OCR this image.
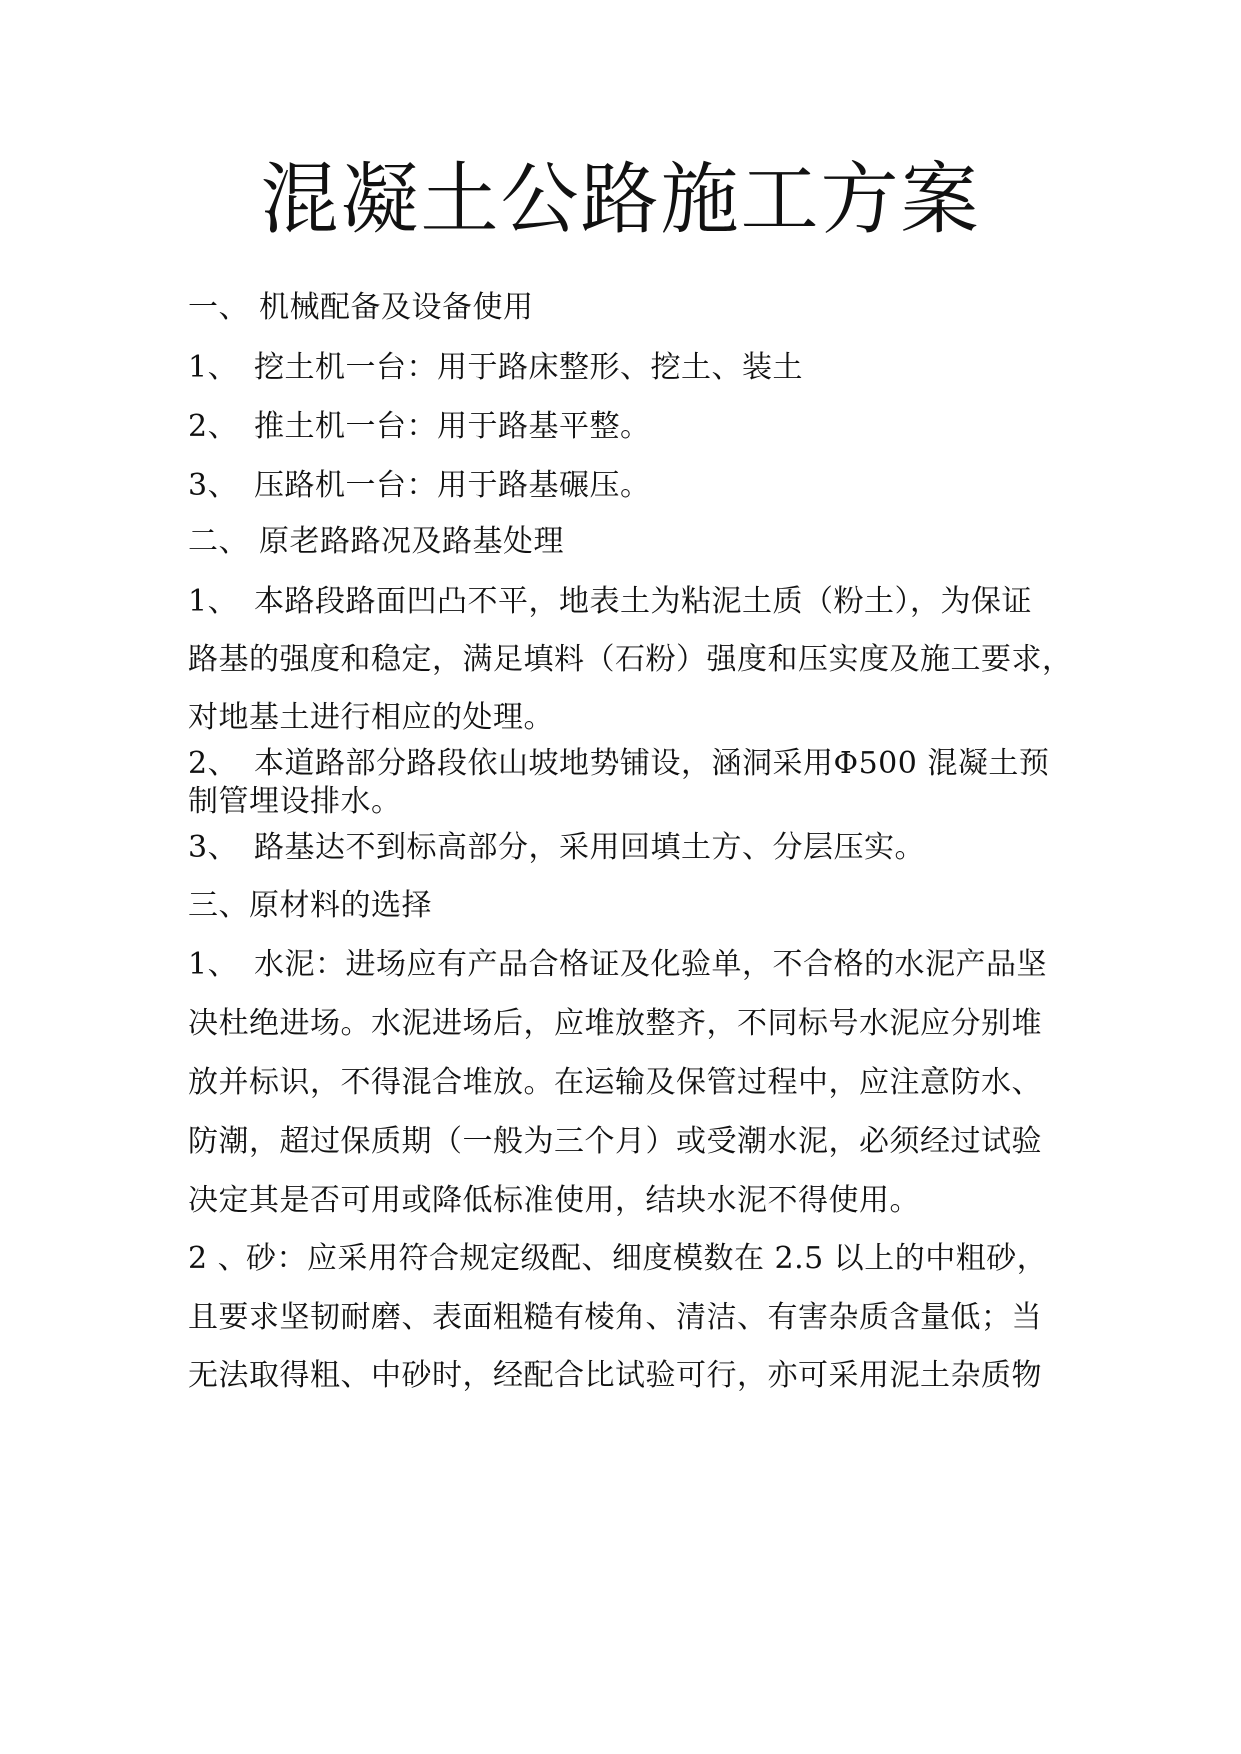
混凝土公路施工方案
一、 机械配备及设备使用
1、 挖土机一台：用于路床整形、挖土、装土
2、 推土机一台：用于路基平整。
3、 压路机一台：用于路基碾压。
二、 原老路路况及路基处理
1、 本路段路面凹凸不平，地表土为粘泥土质（粉土），为保证
路基的强度和稳定，满足填料（石粉）强度和压实度及施工要求，
对地基土进行相应的处理。
2、 本道路部分路段依山坡地势铺设，涵洞采用Φ500 混凝土预
制管埋设排水。
3、 路基达不到标高部分，采用回填土方、分层压实。
三、原材料的选择
1、 水泥：进场应有产品合格证及化验单，不合格的水泥产品坚
决杜绝进场。水泥进场后，应堆放整齐，不同标号水泥应分别堆
放并标识，不得混合堆放。在运输及保管过程中，应注意防水、
防潮，超过保质期（一般为三个月）或受潮水泥，必须经过试验
决定其是否可用或降低标准使用，结块水泥不得使用。
2 、砂：应采用符合规定级配、细度模数在 2.5 以上的中粗砂，
且要求坚韧耐磨、表面粗糙有棱角、清洁、有害杂质含量低；当
无法取得粗、中砂时，经配合比试验可行，亦可采用泥土杂质物
